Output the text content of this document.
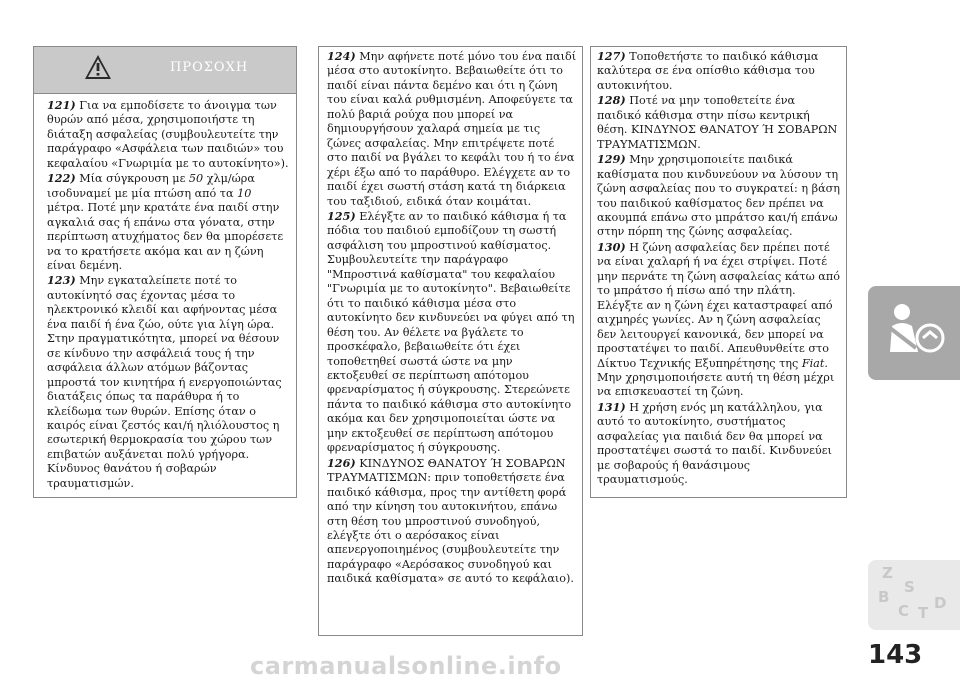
ΠΡΟΣΟΧΗ

121) Για να εμποδίσετε το άνοιγμα των θυρών από μέσα, χρησιμοποιήστε τη διάταξη ασφαλείας (συμβουλευτείτε την παράγραφο «Ασφάλεια των παιδιών» του κεφαλαίου «Γνωριμία με το αυτοκίνητο»).

122) Μία σύγκρουση με 50 χλμ/ώρα ισοδυναμεί με μία πτώση από τα 10 μέτρα. Ποτέ μην κρατάτε ένα παιδί στην αγκαλιά σας ή επάνω στα γόνατα, στην περίπτωση ατυχήματος δεν θα μπορέσετε να το κρατήσετε ακόμα και αν η ζώνη είναι δεμένη.

123) Μην εγκαταλείπετε ποτέ το αυτοκίνητό σας έχοντας μέσα το ηλεκτρονικό κλειδί και αφήνοντας μέσα ένα παιδί ή ένα ζώο, ούτε για λίγη ώρα. Στην πραγματικότητα, μπορεί να θέσουν σε κίνδυνο την ασφάλειά τους ή την ασφάλεια άλλων ατόμων βάζοντας μπροστά τον κινητήρα ή ενεργοποιώντας διατάξεις όπως τα παράθυρα ή το κλείδωμα των θυρών. Επίσης όταν ο καιρός είναι ζεστός και/ή ηλιόλουστος η εσωτερική θερμοκρασία του χώρου των επιβατών αυξάνεται πολύ γρήγορα. Κίνδυνος θανάτου ή σοβαρών τραυματισμών.

124) Μην αφήνετε ποτέ μόνο του ένα παιδί μέσα στο αυτοκίνητο. Βεβαιωθείτε ότι το παιδί είναι πάντα δεμένο και ότι η ζώνη του είναι καλά ρυθμισμένη. Αποφεύγετε τα πολύ βαριά ρούχα που μπορεί να δημιουργήσουν χαλαρά σημεία με τις ζώνες ασφαλείας. Μην επιτρέψετε ποτέ στο παιδί να βγάλει το κεφάλι του ή το ένα χέρι έξω από το παράθυρο. Ελέγχετε αν το παιδί έχει σωστή στάση κατά τη διάρκεια του ταξιδιού, ειδικά όταν κοιμάται.

125) Ελέγξτε αν το παιδικό κάθισμα ή τα πόδια του παιδιού εμποδίζουν τη σωστή ασφάλιση του μπροστινού καθίσματος. Συμβουλευτείτε την παράγραφο "Μπροστινά καθίσματα" του κεφαλαίου "Γνωριμία με το αυτοκίνητο". Βεβαιωθείτε ότι το παιδικό κάθισμα μέσα στο αυτοκίνητο δεν κινδυνεύει να φύγει από τη θέση του. Αν θέλετε να βγάλετε το προσκέφαλο, βεβαιωθείτε ότι έχει τοποθετηθεί σωστά ώστε να μην εκτοξευθεί σε περίπτωση απότομου φρεναρίσματος ή σύγκρουσης. Στερεώνετε πάντα το παιδικό κάθισμα στο αυτοκίνητο ακόμα και δεν χρησιμοποιείται ώστε να μην εκτοξευθεί σε περίπτωση απότομου φρεναρίσματος ή σύγκρουσης.

126) ΚΙΝΔΥΝΟΣ ΘΑΝΑΤΟΥ Ή ΣΟΒΑΡΩΝ ΤΡΑΥΜΑΤΙΣΜΩΝ: πριν τοποθετήσετε ένα παιδικό κάθισμα, προς την αντίθετη φορά από την κίνηση του αυτοκινήτου, επάνω στη θέση του μπροστινού συνοδηγού, ελέγξτε ότι ο αερόσακος είναι απενεργοποιημένος (συμβουλευτείτε την παράγραφο «Αερόσακος συνοδηγού και παιδικά καθίσματα» σε αυτό το κεφάλαιο).

127) Τοποθετήστε το παιδικό κάθισμα καλύτερα σε ένα οπίσθιο κάθισμα του αυτοκινήτου.

128) Ποτέ να μην τοποθετείτε ένα παιδικό κάθισμα στην πίσω κεντρική θέση. ΚΙΝΔΥΝΟΣ ΘΑΝΑΤΟΥ Ή ΣΟΒΑΡΩΝ ΤΡΑΥΜΑΤΙΣΜΩΝ.

129) Μην χρησιμοποιείτε παιδικά καθίσματα που κινδυνεύουν να λύσουν τη ζώνη ασφαλείας που το συγκρατεί: η βάση του παιδικού καθίσματος δεν πρέπει να ακουμπά επάνω στο μπράτσο και/ή επάνω στην πόρπη της ζώνης ασφαλείας.

130) Η ζώνη ασφαλείας δεν πρέπει ποτέ να είναι χαλαρή ή να έχει στρίψει. Ποτέ μην περνάτε τη ζώνη ασφαλείας κάτω από το μπράτσο ή πίσω από την πλάτη. Ελέγξτε αν η ζώνη έχει καταστραφεί από αιχμηρές γωνίες. Αν η ζώνη ασφαλείας δεν λειτουργεί κανονικά, δεν μπορεί να προστατέψει το παιδί. Απευθυνθείτε στο Δίκτυο Τεχνικής Εξυπηρέτησης της Fiat. Μην χρησιμοποιήσετε αυτή τη θέση μέχρι να επισκευαστεί τη ζώνη.

131) Η χρήση ενός μη κατάλληλου, για αυτό το αυτοκίνητο, συστήματος ασφαλείας για παιδιά δεν θα μπορεί να προστατέψει σωστά το παιδί. Κινδυνεύει με σοβαρούς ή θανάσιμους τραυματισμούς.

Z
S
B
C T
D
143
carmanualsonline.info
